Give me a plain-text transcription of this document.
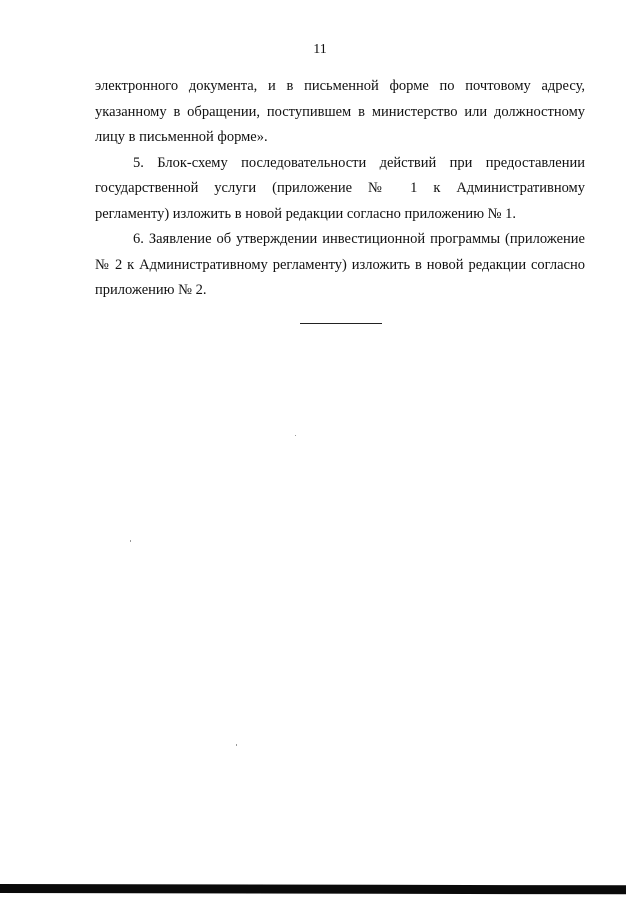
11

электронного документа, и в письменной форме по почтовому адресу,
указанному в обращении, поступившем в министерство или должностному
лицу в письменной форме».

5. Блок-схему последовательности действий при предоставлении
государственной услуги (приложение № 1 к Административному
регламенту) изложить в новой редакции согласно приложению № 1.

6. Заявление об утверждении инвестиционной программы (приложение
№ 2 к Административному регламенту) изложить в новой редакции согласно
приложению № 2.
